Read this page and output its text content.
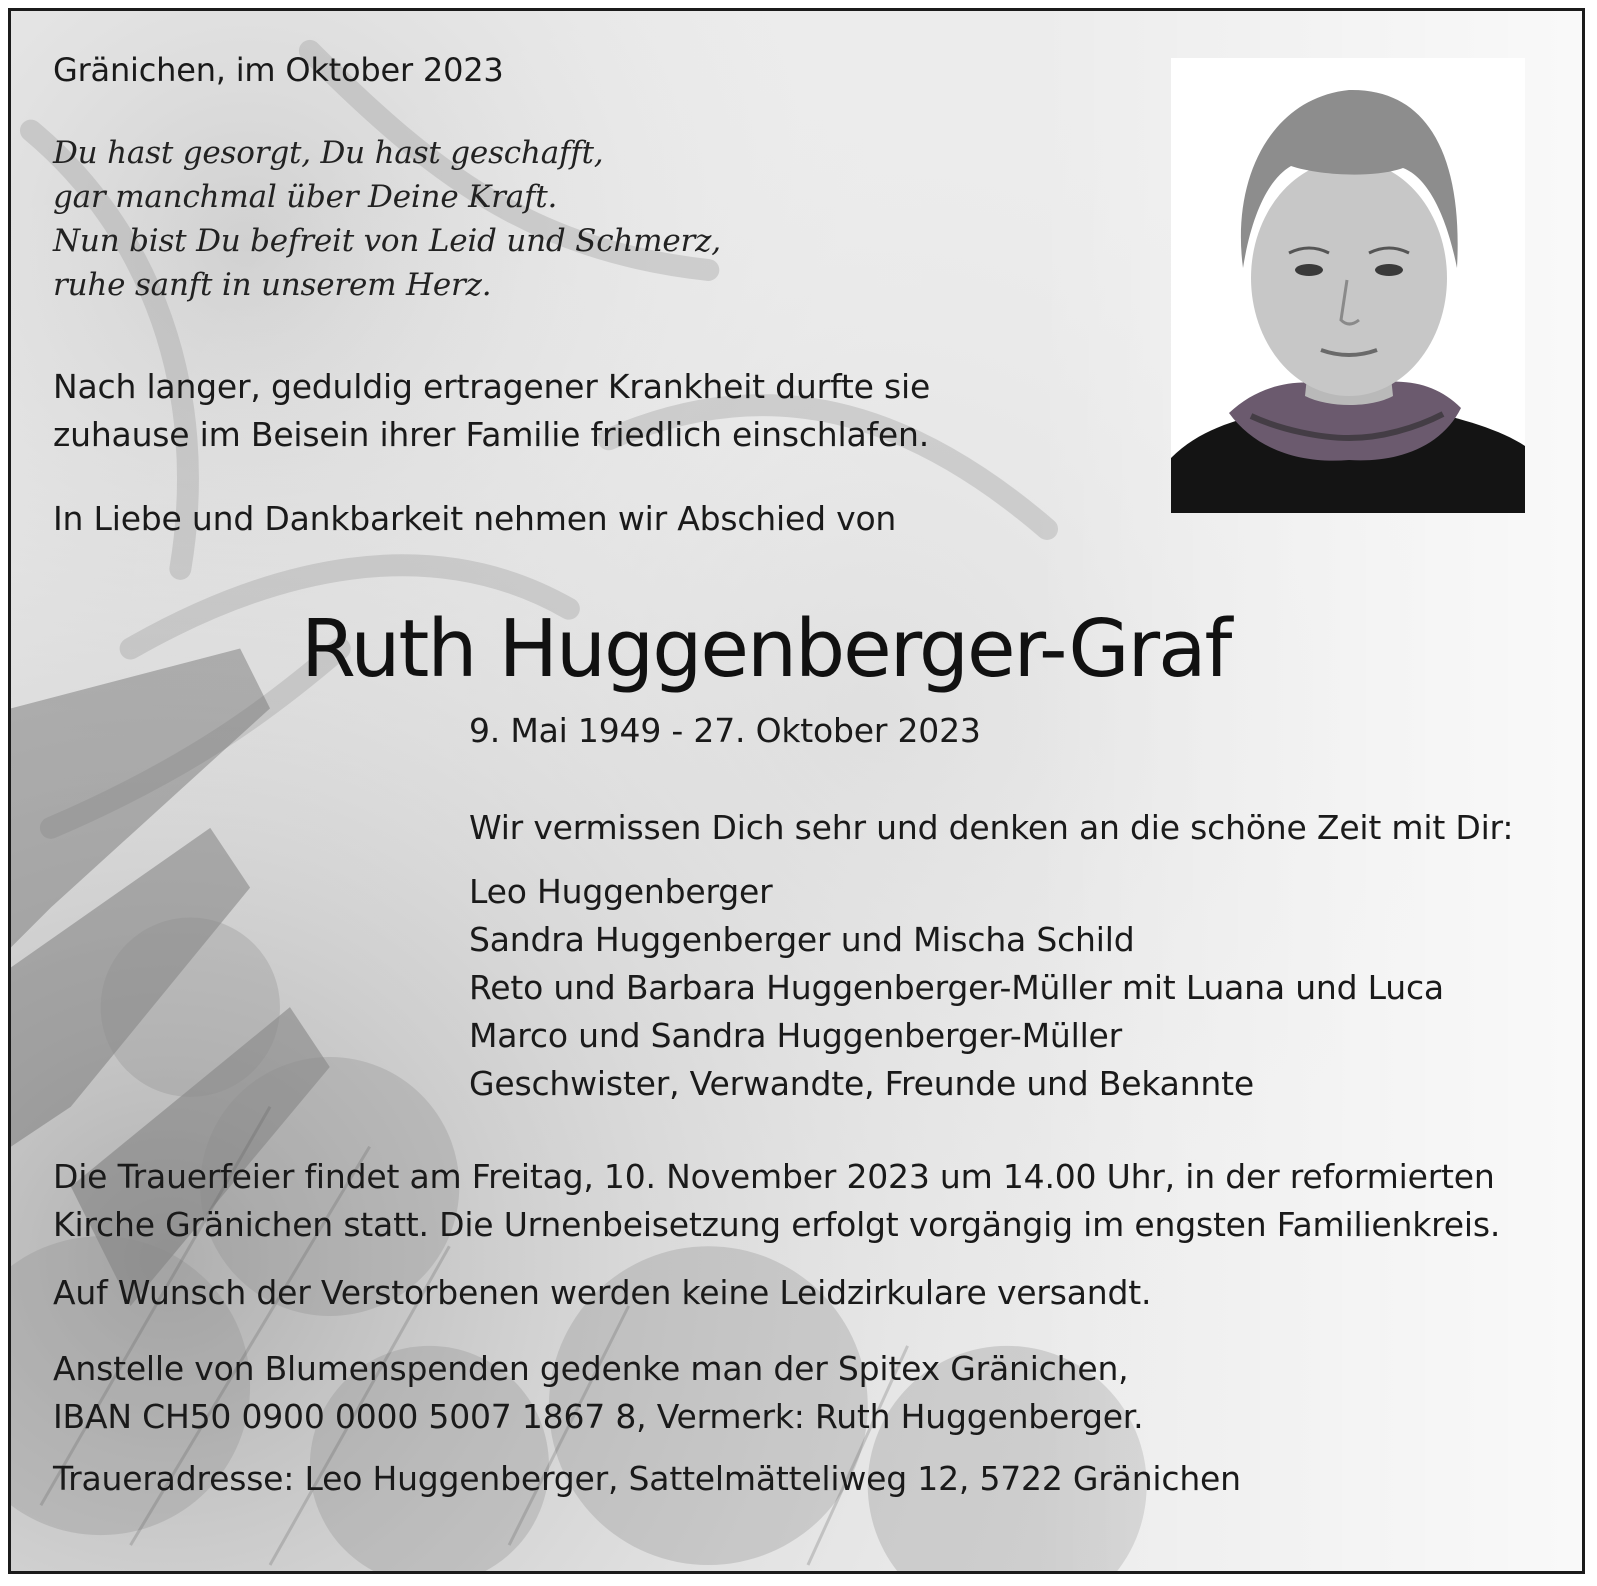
Gränichen, im Oktober 2023
Du hast gesorgt, Du hast geschafft,
gar manchmal über Deine Kraft.
Nun bist Du befreit von Leid und Schmerz,
ruhe sanft in unserem Herz.
Nach langer, geduldig ertragener Krankheit durfte sie
zuhause im Beisein ihrer Familie friedlich einschlafen.
In Liebe und Dankbarkeit nehmen wir Abschied von
Ruth Huggenberger-Graf
9. Mai 1949 - 27. Oktober 2023
Wir vermissen Dich sehr und denken an die schöne Zeit mit Dir:
Leo Huggenberger
Sandra Huggenberger und Mischa Schild
Reto und Barbara Huggenberger-Müller mit Luana und Luca
Marco und Sandra Huggenberger-Müller
Geschwister, Verwandte, Freunde und Bekannte
Die Trauerfeier findet am Freitag, 10. November 2023 um 14.00 Uhr, in der reformierten
Kirche Gränichen statt. Die Urnenbeisetzung erfolgt vorgängig im engsten Familienkreis.
Auf Wunsch der Verstorbenen werden keine Leidzirkulare versandt.
Anstelle von Blumenspenden gedenke man der Spitex Gränichen,
IBAN CH50 0900 0000 5007 1867 8, Vermerk: Ruth Huggenberger.
Traueradresse: Leo Huggenberger, Sattelmätteliweg 12, 5722 Gränichen
